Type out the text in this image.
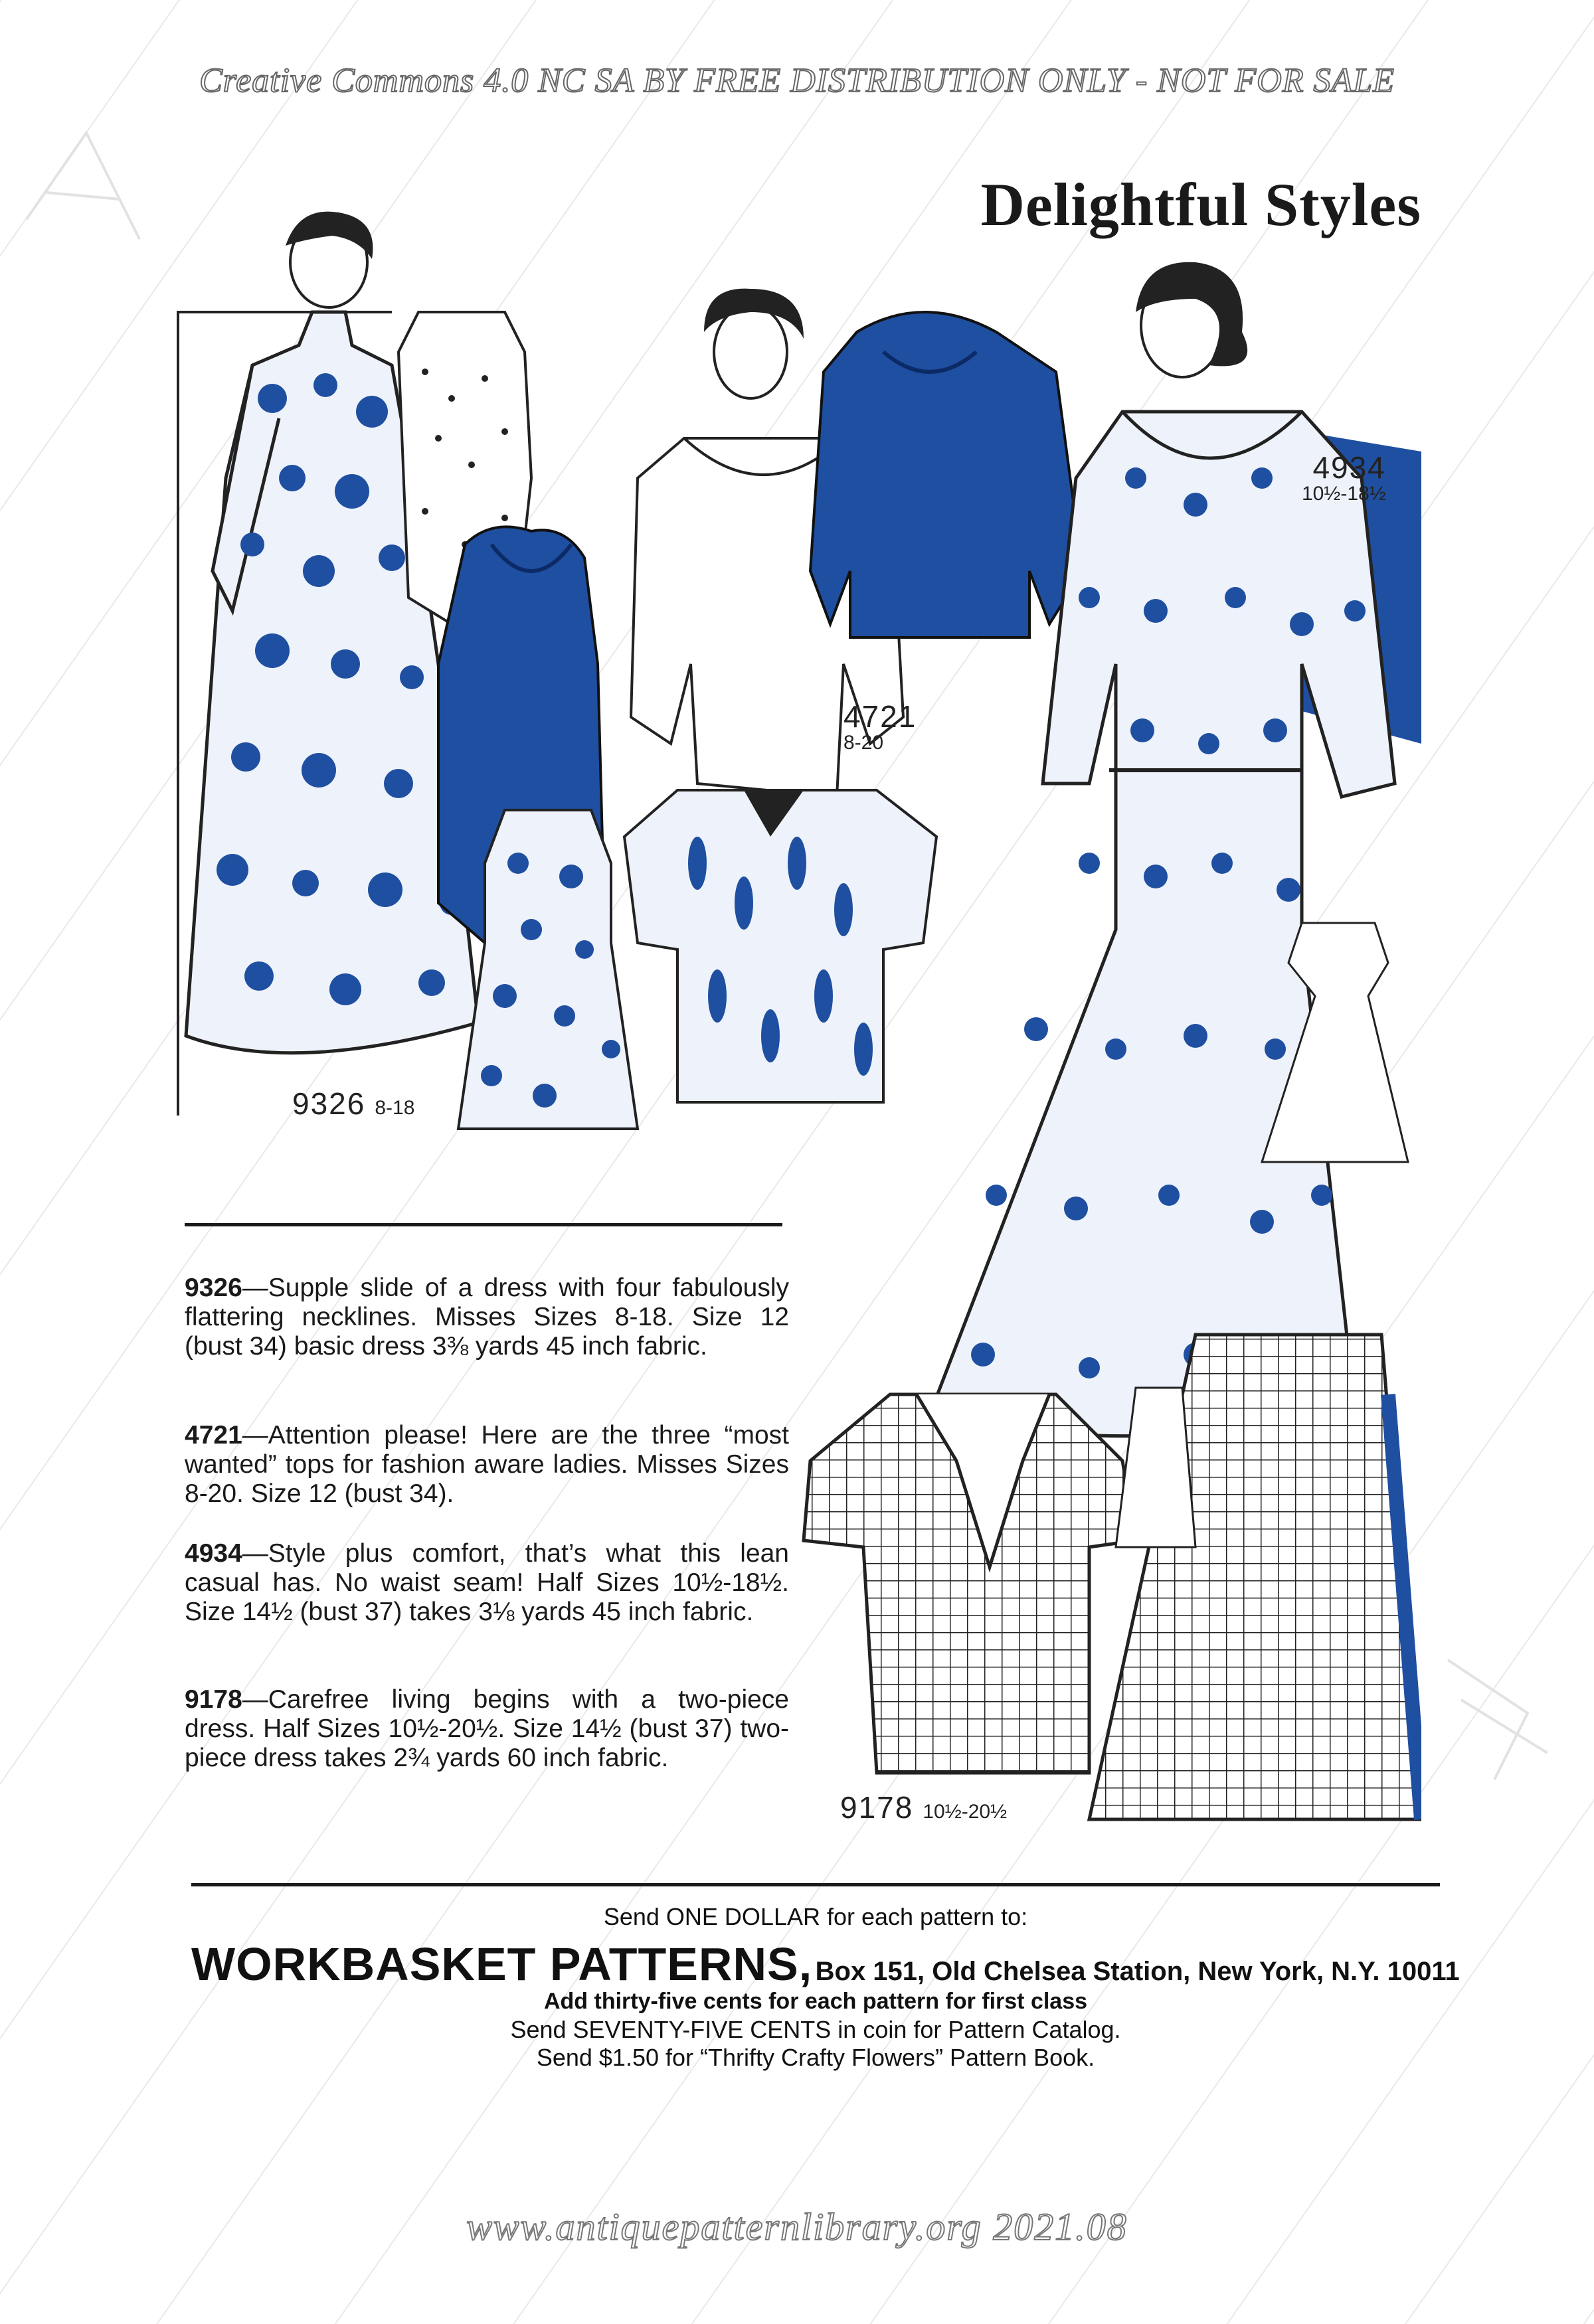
Creative Commons 4.0 NC SA BY FREE DISTRIBUTION ONLY - NOT FOR SALE
Delightful Styles
9326 8-18
4721
8-20
4934
10½-18½
9178 10½-20½
9326—Supple slide of a dress with four fabulously flattering necklines. Misses Sizes 8-18. Size 12 (bust 34) basic dress 3⅜ yards 45 inch fabric.
4721—Attention please! Here are the three “most wanted” tops for fashion aware ladies. Misses Sizes 8-20. Size 12 (bust 34).
4934—Style plus comfort, that’s what this lean casual has. No waist seam! Half Sizes 10½-18½. Size 14½ (bust 37) takes 3⅛ yards 45 inch fabric.
9178—Carefree living begins with a two-piece dress. Half Sizes 10½-20½. Size 14½ (bust 37) two-piece dress takes 2¾ yards 60 inch fabric.
Send ONE DOLLAR for each pattern to:
WORKBASKET PATTERNS, Box 151, Old Chelsea Station, New York, N.Y. 10011
Add thirty-five cents for each pattern for first class
Send SEVENTY-FIVE CENTS in coin for Pattern Catalog.
Send $1.50 for “Thrifty Crafty Flowers” Pattern Book.
www.antiquepatternlibrary.org 2021.08
